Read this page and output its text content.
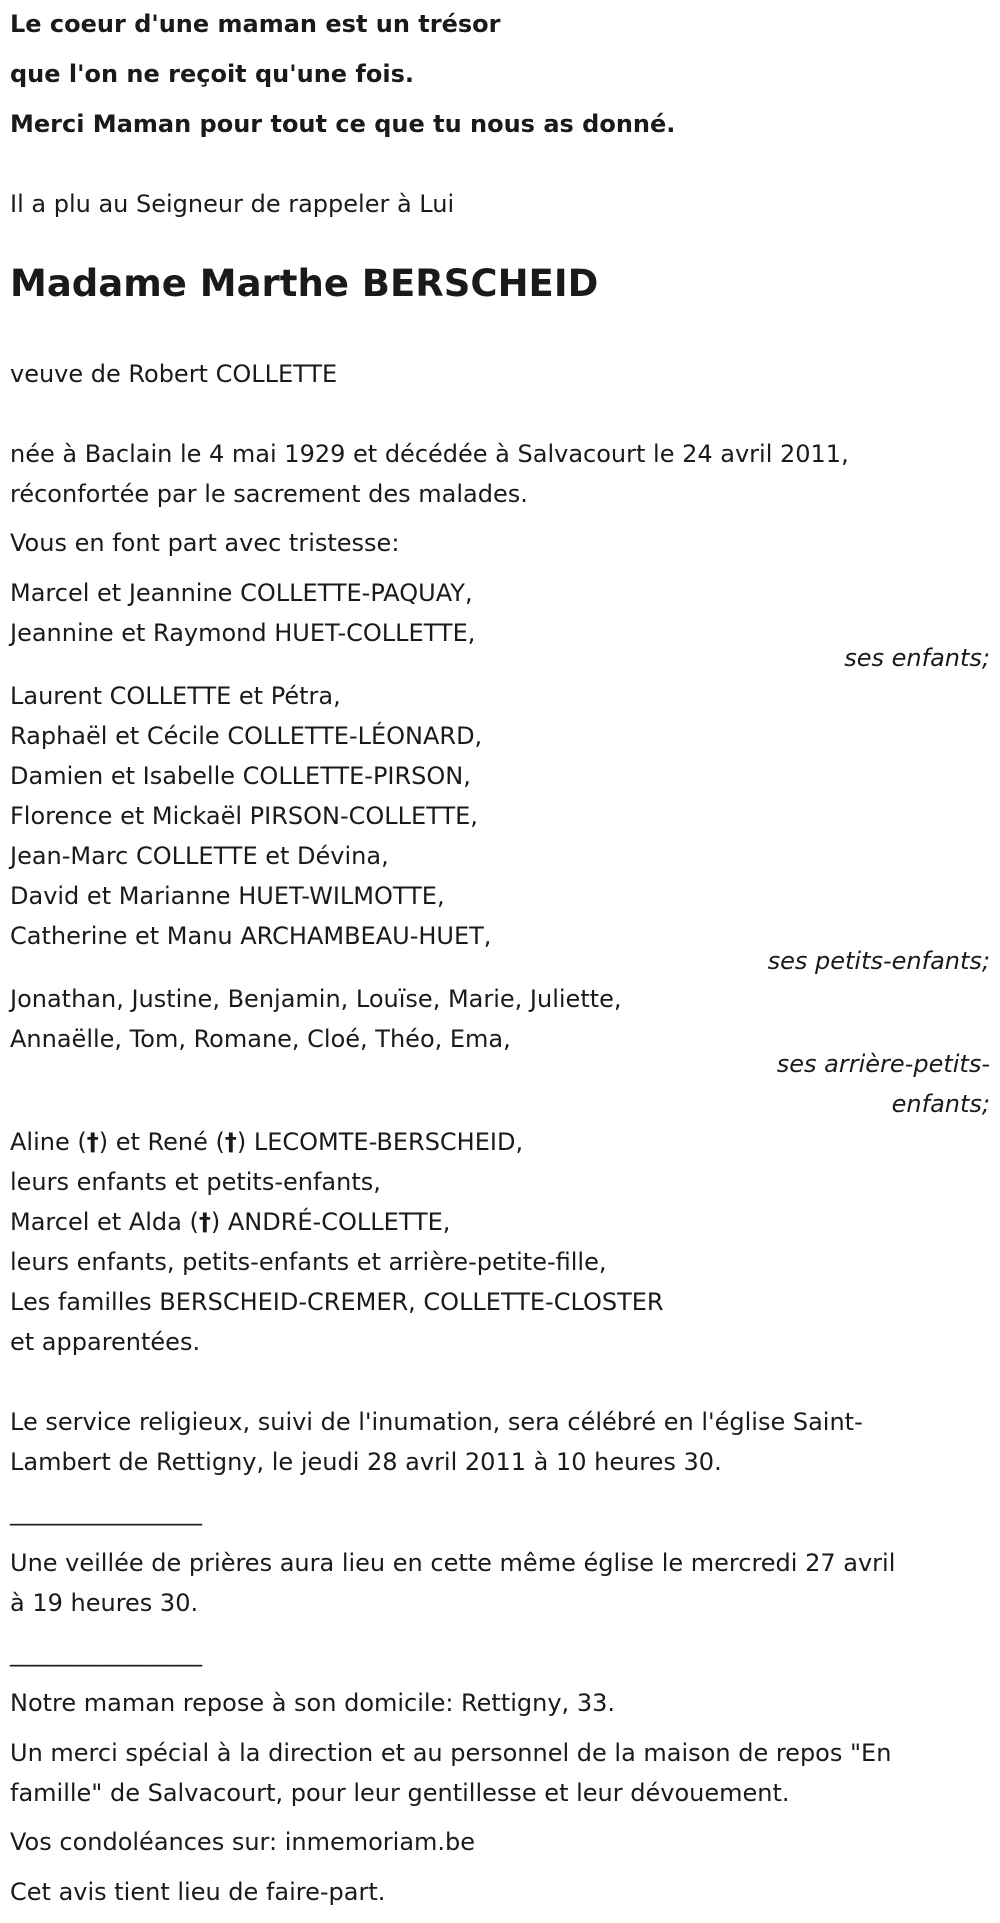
Le coeur d'une maman est un trésor
que l'on ne reçoit qu'une fois.
Merci Maman pour tout ce que tu nous as donné.
Il a plu au Seigneur de rappeler à Lui
Madame Marthe BERSCHEID
veuve de Robert COLLETTE
née à Baclain le 4 mai 1929 et décédée à Salvacourt le 24 avril 2011,
réconfortée par le sacrement des malades.
Vous en font part avec tristesse:
Marcel et Jeannine COLLETTE-PAQUAY,
Jeannine et Raymond HUET-COLLETTE,
ses enfants;
Laurent COLLETTE et Pétra,
Raphaël et Cécile COLLETTE-LÉONARD,
Damien et Isabelle COLLETTE-PIRSON,
Florence et Mickaël PIRSON-COLLETTE,
Jean-Marc COLLETTE et Dévina,
David et Marianne HUET-WILMOTTE,
Catherine et Manu ARCHAMBEAU-HUET,
ses petits-enfants;
Jonathan, Justine, Benjamin, Louïse, Marie, Juliette,
Annaëlle, Tom, Romane, Cloé, Théo, Ema,
ses arrière-petits-
enfants;
Aline (†) et René (†) LECOMTE-BERSCHEID,
leurs enfants et petits-enfants,
Marcel et Alda (†) ANDRÉ-COLLETTE,
leurs enfants, petits-enfants et arrière-petite-fille,
Les familles BERSCHEID-CREMER, COLLETTE-CLOSTER
et apparentées.
Le service religieux, suivi de l'inumation, sera célébré en l'église Saint-
Lambert de Rettigny, le jeudi 28 avril 2011 à 10 heures 30.
________________
Une veillée de prières aura lieu en cette même église le mercredi 27 avril
à 19 heures 30.
________________
Notre maman repose à son domicile: Rettigny, 33.
Un merci spécial à la direction et au personnel de la maison de repos "En
famille" de Salvacourt, pour leur gentillesse et leur dévouement.
Vos condoléances sur: inmemoriam.be
Cet avis tient lieu de faire-part.
